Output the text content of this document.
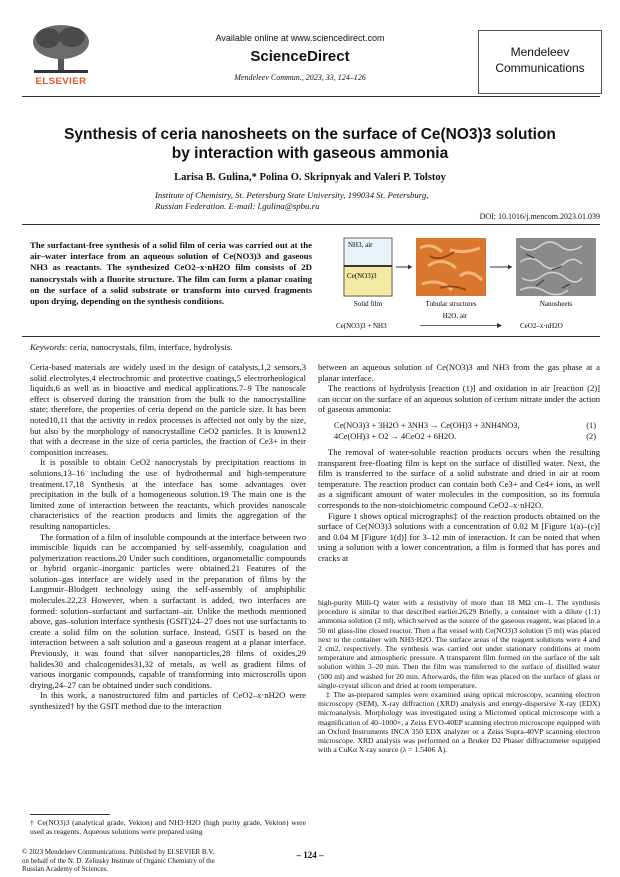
ELSEVIER
Available online at www.sciencedirect.com
ScienceDirect
Mendeleev Commun., 2023, 33, 124–126
Mendeleev
Communications
Synthesis of ceria nanosheets on the surface of Ce(NO3)3 solution
by interaction with gaseous ammonia
Larisa B. Gulina,* Polina O. Skripnyak and Valeri P. Tolstoy
Institute of Chemistry, St. Petersburg State University, 199034 St. Petersburg,
Russian Federation. E-mail: l.gulina@spbu.ru
DOI: 10.1016/j.mencom.2023.01.039
The surfactant-free synthesis of a solid film of ceria was carried out at the air–water interface from an aqueous solution of Ce(NO3)3 and gaseous NH3 as reactants. The synthesized CeO2–x·nH2O film consists of 2D nanocrystals with a fluorite structure. The film can form a planar coating on the surface of a solid substrate or transform into curved fragments upon drying, depending on the synthesis conditions.
NH3, air
Ce(NO3)3
Solid film	Tubular structures	Nanosheets
H2O, air
Ce(NO3)3 + NH3	CeO2–x·nH2O
Keywords: ceria, nanocrystals, film, interface, hydrolysis.

Ceria-based materials are widely used in the design of catalysts,1,2 sensors,3 solid electrolytes,4 electrochromic and protective coatings,5 electrorheological liquids,6 as well as in bioactive and medical applications.7–9 The nanoscale effect is observed during the transition from the bulk to the nanocrystalline state; therefore, the properties of ceria depend on the particle size. It has been noted10,11 that the activity in redox processes is affected not only by the size, but also by the morphology of nanocrystalline CeO2 particles. It is known12 that with a decrease in the size of ceria particles, the fraction of Ce3+ in their composition increases.

It is possible to obtain CeO2 nanocrystals by precipitation reactions in solutions,13–16 including the use of hydrothermal and high-temperature treatment.17,18 Synthesis at the interface has some advantages over precipitation in the bulk of a homogeneous solution.19 The main one is the limited zone of interaction between the reactants, which provides nanoscale characteristics of the reaction products and limits the aggregation of the resulting nanoparticles.

The formation of a film of insoluble compounds at the interface between two immiscible liquids can be accompanied by self-assembly, coagulation and polymerization reactions.20 Under such conditions, organometallic compounds or hybrid organic–inorganic particles were obtained.21 Features of the solution–gas interface are widely used in the preparation of films by the Langmuir–Blodgett technology using the self-assembly of amphiphilic molecules.22,23 However, when a surfactant is added, two interfaces are formed: solution–surfactant and surfactant–air. Unlike the methods mentioned above, gas–solution interface synthesis (GSIT)24–27 does not use surfactants to create a solid film on the solution surface. Instead, GSIT is based on the interaction between a salt solution and a gaseous reagent at a planar interface. Previously, it was found that silver nanoparticles,28 films of oxides,29 halides30 and chalcogenides31,32 of metals, as well as gradient films of various inorganic compounds, capable of transforming into microscrolls upon drying,24–27 can be obtained under such conditions.

In this work, a nanostructured film and particles of CeO2–x·nH2O were synthesized† by the GSIT method due to the interaction

† Ce(NO3)3 (analytical grade, Vekton) and NH3·H2O (high purity grade, Vekton) were used as reagents. Aqueous solutions were prepared using

between an aqueous solution of Ce(NO3)3 and NH3 from the gas phase at a planar interface.

The reactions of hydrolysis [reaction (1)] and oxidation in air [reaction (2)] can occur on the surface of an aqueous solution of cerium nitrate under the action of gaseous ammonia:

Ce(NO3)3 + 3H2O + 3NH3 → Ce(OH)3 + 3NH4NO3,	(1)
4Ce(OH)3 + O2 → 4CeO2 + 6H2O.	(2)

The removal of water-soluble reaction products occurs when the resulting transparent free-floating film is kept on the surface of distilled water. Next, the film is transferred to the surface of a solid substrate and dried in air at room temperature. The reaction product can contain both Ce3+ and Ce4+ ions, as well as a significant amount of water molecules in the composition, so its formula corresponds to the non-stoichiometric compound CeO2–x·nH2O.

Figure 1 shows optical micrographs‡ of the reaction products obtained on the surface of Ce(NO3)3 solutions with a concentration of 0.02 M [Figure 1(a)–(c)] and 0.04 M [Figure 1(d)] for 3–12 min of interaction. It can be noted that when using a solution with a lower concentration, a film is formed that has pores and cracks at

high-purity Milli-Q water with a resistivity of more than 18 MΩ cm–1. The synthesis procedure is similar to that described earlier.26,29 Briefly, a container with a dilute (1:1) ammonia solution (2 ml), which served as the source of the gaseous reagent, was placed in a 50 ml glass-line closed reactor. Then a flat vessel with Ce(NO3)3 solution (5 ml) was placed next to the container with NH3·H2O. The surface areas of the reagent solutions were 4 and 2 cm2, respectively. The synthesis was carried out under stationary conditions at room temperature and atmospheric pressure. A transparent film formed on the surface of the salt solution within 3–20 min. Then the film was transferred to the surface of distilled water (500 ml) and washed for 20 min. Afterwards, the film was placed on the surface of glass or single-crystal silicon and dried at room temperature.
‡ The as-prepared samples were examined using optical microscopy, scanning electron microscopy (SEM), X-ray diffraction (XRD) analysis and energy-dispersive X-ray (EDX) microanalysis. Morphology was investigated using a Micromed optical microscope with a magnification of 40–1000×, a Zeiss EVO-40EP scanning electron microscope equipped with an Oxford Instruments INCA 350 EDX analyzer or a Zeiss Supra-40VP scanning electron microscope. XRD analysis was performed on a Bruker D2 Phaser diffractometer equipped with a CuKα X-ray source (λ = 1.5406 Å).
© 2023 Mendeleev Communications. Published by ELSEVIER B.V.
on behalf of the N. D. Zelinsky Institute of Organic Chemistry of the
Russian Academy of Sciences.
– 124 –
